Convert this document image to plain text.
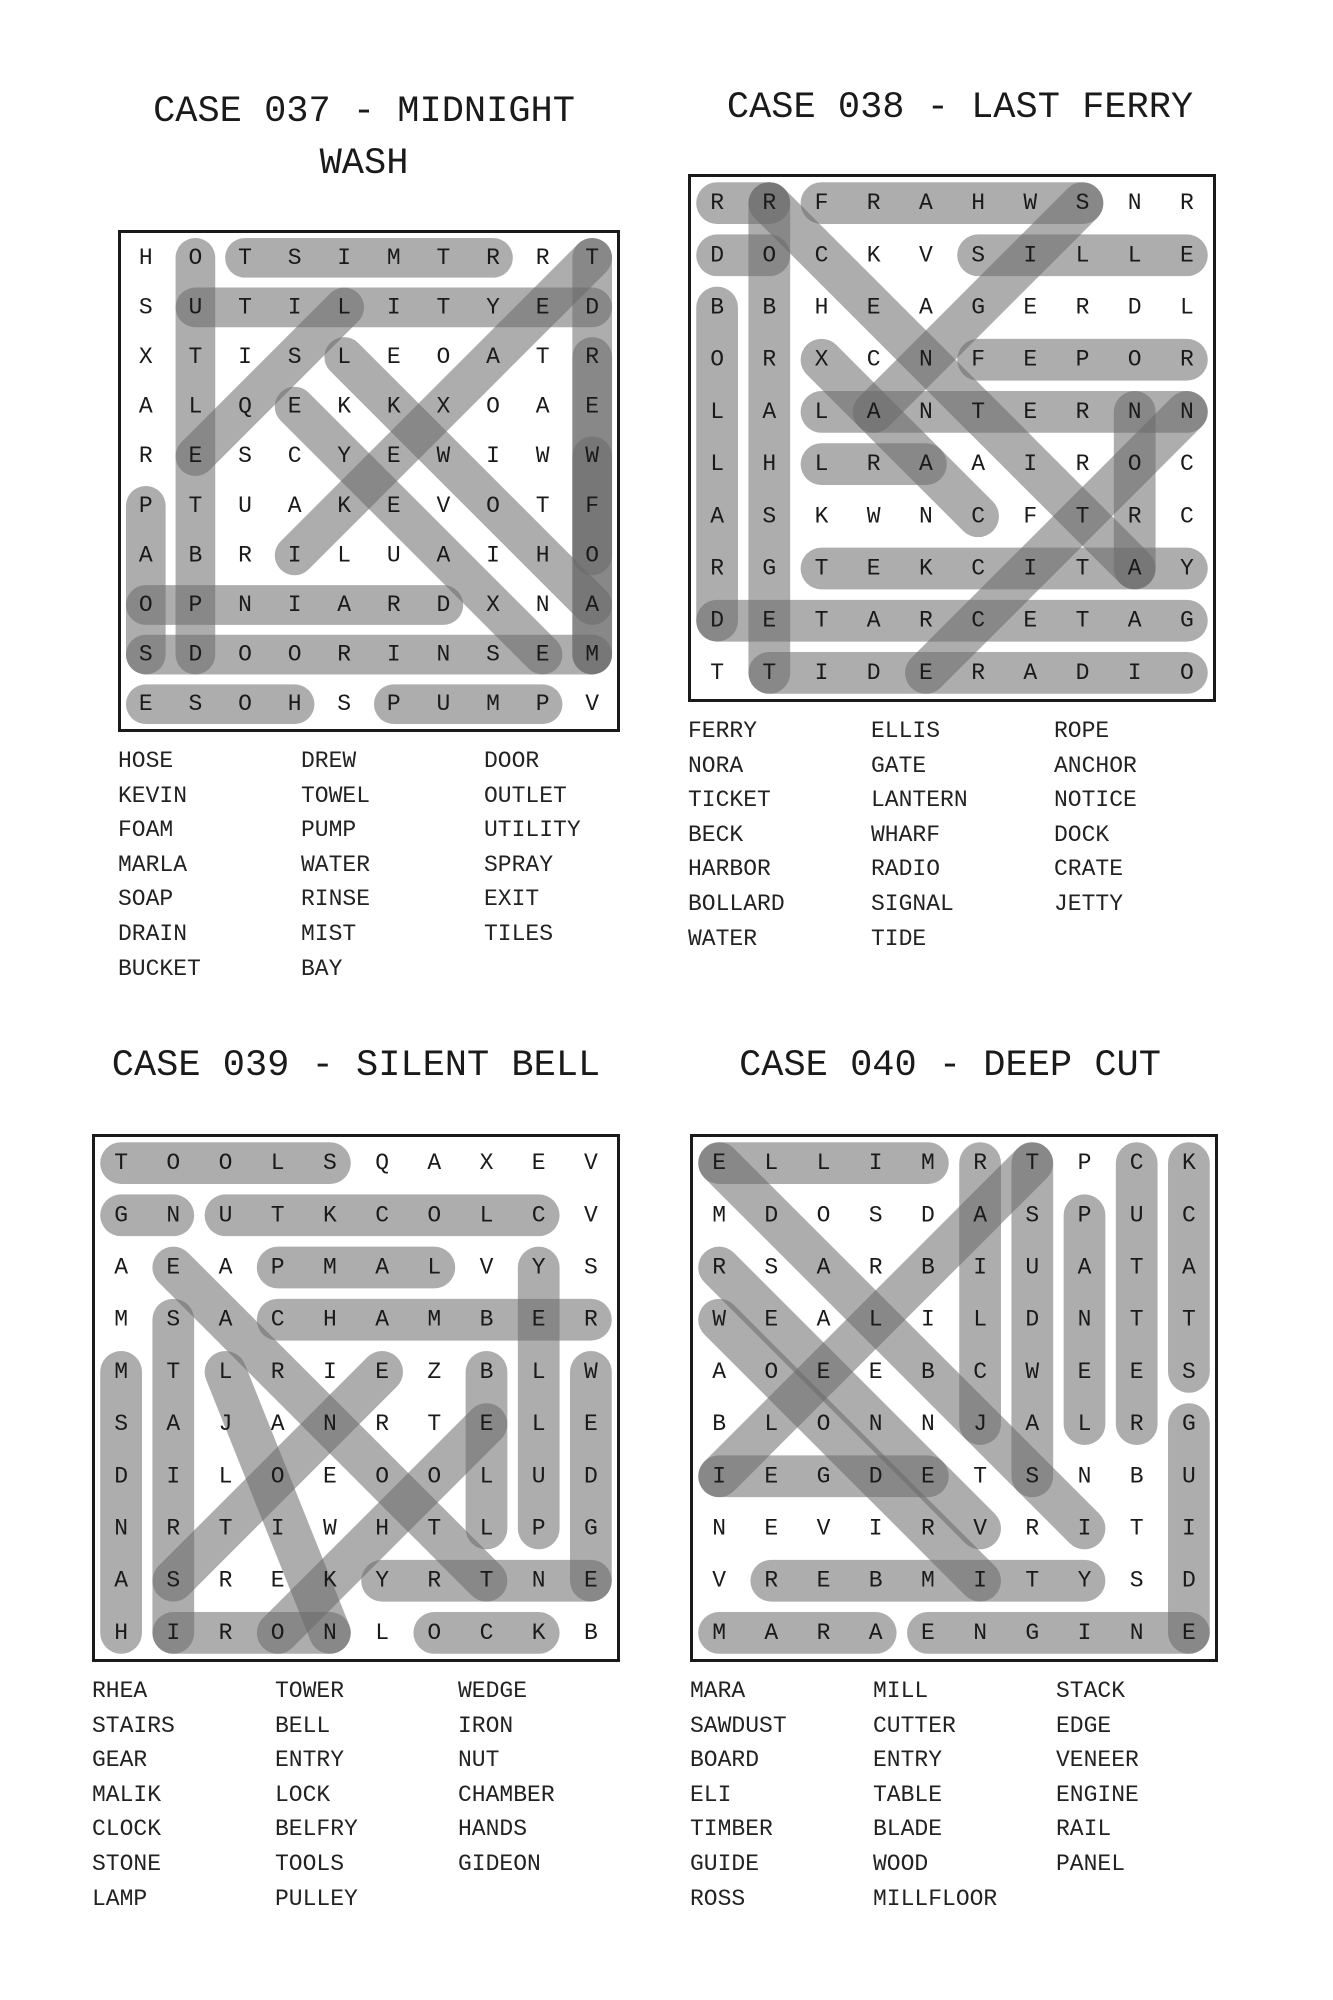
CASE 037 - MIDNIGHT
WASH
H O T S I M T R R T
S U T I L I T Y E D
X T I S L E O A T R
A L Q E K K X O A E
R E S C Y E W I W W
P T U A K E V O T F
A B R I L U A I H O
O P N I A R D X N A
S D O O R I N S E M
E S O H S P U M P V
HOSE
KEVIN
FOAM
MARLA
SOAP
DRAIN
BUCKET
DREW
TOWEL
PUMP
WATER
RINSE
MIST
BAY
DOOR
OUTLET
UTILITY
SPRAY
EXIT
TILES
CASE 038 - LAST FERRY
R R F R A H W S N R
D O C K V S I L L E
B B H E A G E R D L
O R X C N F E P O R
L A L A N T E R N N
L H L R A A I R O C
A S K W N C F T R C
R G T E K C I T A Y
D E T A R C E T A G
T T I D E R A D I O
FERRY
NORA
TICKET
BECK
HARBOR
BOLLARD
WATER
ELLIS
GATE
LANTERN
WHARF
RADIO
SIGNAL
TIDE
ROPE
ANCHOR
NOTICE
DOCK
CRATE
JETTY
CASE 039 - SILENT BELL
T O O L S Q A X E V
G N U T K C O L C V
A E A P M A L V Y S
M S A C H A M B E R
M T L R I E Z B L W
S A J A N R T E L E
D I L O E O O L U D
N R T I W H T L P G
A S R E K Y R T N E
H I R O N L O C K B
RHEA
STAIRS
GEAR
MALIK
CLOCK
STONE
LAMP
TOWER
BELL
ENTRY
LOCK
BELFRY
TOOLS
PULLEY
WEDGE
IRON
NUT
CHAMBER
HANDS
GIDEON
CASE 040 - DEEP CUT
E L L I M R T P C K
M D O S D A S P U C
R S A R B I U A T A
W E A L I L D N T T
A O E E B C W E E S
B L O N N J A L R G
I E G D E T S N B U
N E V I R V R I T I
V R E B M I T Y S D
M A R A E N G I N E
MARA
SAWDUST
BOARD
ELI
TIMBER
GUIDE
ROSS
MILL
CUTTER
ENTRY
TABLE
BLADE
WOOD
MILLFLOOR
STACK
EDGE
VENEER
ENGINE
RAIL
PANEL
